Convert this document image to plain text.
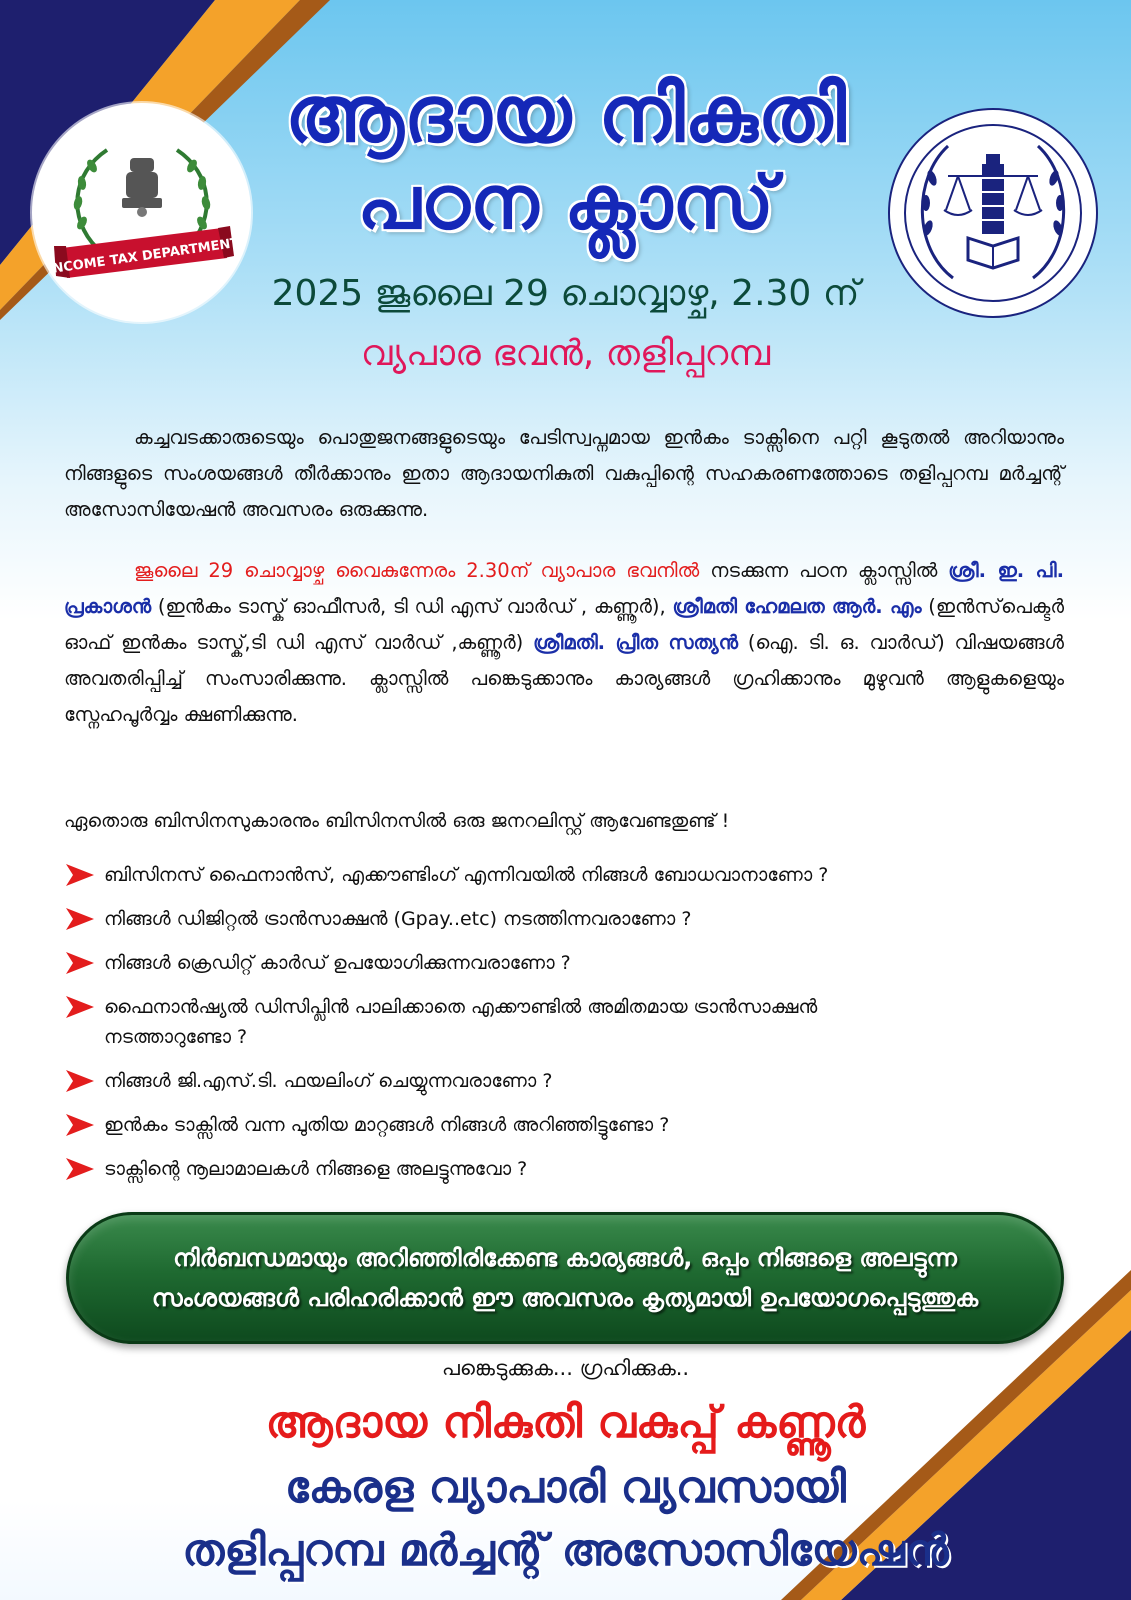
INCOME TAX DEPARTMENT
ആദായ നികുതി
പഠന ക്ലാസ്
2025 ജൂലൈ 29 ചൊവ്വാഴ്ച, 2.30 ന്
വ്യപാര ഭവൻ, തളിപ്പറമ്പ

കച്ചവടക്കാരുടെയും പൊതുജനങ്ങളുടെയും പേടിസ്വപ്നമായ ഇൻകം ടാക്സിനെ പറ്റി കൂടുതൽ അറിയാനും നിങ്ങളുടെ സംശയങ്ങൾ തീർക്കാനും ഇതാ ആദായനികുതി വകുപ്പിന്റെ സഹകരണത്തോടെ തളിപ്പറമ്പ മർച്ചന്റ് അസോസിയേഷൻ അവസരം ഒരുക്കുന്നു.

ജൂലൈ 29 ചൊവ്വാഴ്ച വൈകുന്നേരം 2.30ന് വ്യാപാര ഭവനിൽ നടക്കുന്ന പഠന ക്ലാസ്സിൽ ശ്രീ. ഇ. പി. പ്രകാശൻ (ഇൻകം ടാസ്ക് ഓഫീസർ, ടി ഡി എസ് വാർഡ് , കണ്ണൂർ), ശ്രീമതി ഹേമലത ആർ. എം (ഇൻസ്‌പെക്ടർ ഓഫ് ഇൻകം ടാസ്ക്,ടി ഡി എസ് വാർഡ് ,കണ്ണൂർ) ശ്രീമതി. പ്രീത സത്യൻ (ഐ. ടി. ഒ. വാർഡ്) വിഷയങ്ങൾ അവതരിപ്പിച്ച് സംസാരിക്കുന്നു. ക്ലാസ്സിൽ പങ്കെടുക്കാനും കാര്യങ്ങൾ ഗ്രഹിക്കാനും മുഴുവൻ ആളുകളെയും സ്നേഹപൂർവ്വം ക്ഷണിക്കുന്നു.

ഏതൊരു ബിസിനസുകാരനും ബിസിനസിൽ ഒരു ജനറലിസ്റ്റ് ആവേണ്ടതുണ്ട് !
ബിസിനസ് ഫൈനാൻസ്, എക്കൗണ്ടിംഗ് എന്നിവയിൽ നിങ്ങൾ ബോധവാനാണോ ?
നിങ്ങൾ ഡിജിറ്റൽ ട്രാൻസാക്ഷൻ (Gpay..etc) നടത്തിന്നവരാണോ ?
നിങ്ങൾ ക്രെഡിറ്റ് കാർഡ് ഉപയോഗിക്കുന്നവരാണോ ?
ഫൈനാൻഷ്യൽ ഡിസിപ്ലിൻ പാലിക്കാതെ എക്കൗണ്ടിൽ അമിതമായ ട്രാൻസാക്ഷൻ നടത്താറുണ്ടോ ?
നിങ്ങൾ ജി.എസ്.ടി. ഫയലിംഗ് ചെയ്യുന്നവരാണോ ?
ഇൻകം ടാക്സിൽ വന്ന പുതിയ മാറ്റങ്ങൾ നിങ്ങൾ അറിഞ്ഞിട്ടുണ്ടോ ?
ടാക്സിന്റെ നൂലാമാലകൾ നിങ്ങളെ അലട്ടുന്നുവോ ?
നിർബന്ധമായും അറിഞ്ഞിരിക്കേണ്ട കാര്യങ്ങൾ, ഒപ്പം നിങ്ങളെ അലട്ടുന്ന
സംശയങ്ങൾ പരിഹരിക്കാൻ ഈ അവസരം കൃത്യമായി ഉപയോഗപ്പെടുത്തുക
പങ്കെടുക്കുക... ഗ്രഹിക്കുക..
ആദായ നികുതി വകുപ്പ് കണ്ണൂർ
കേരള വ്യാപാരി വ്യവസായി
തളിപ്പറമ്പ മർച്ചന്റ് അസോസിയേഷൻ
